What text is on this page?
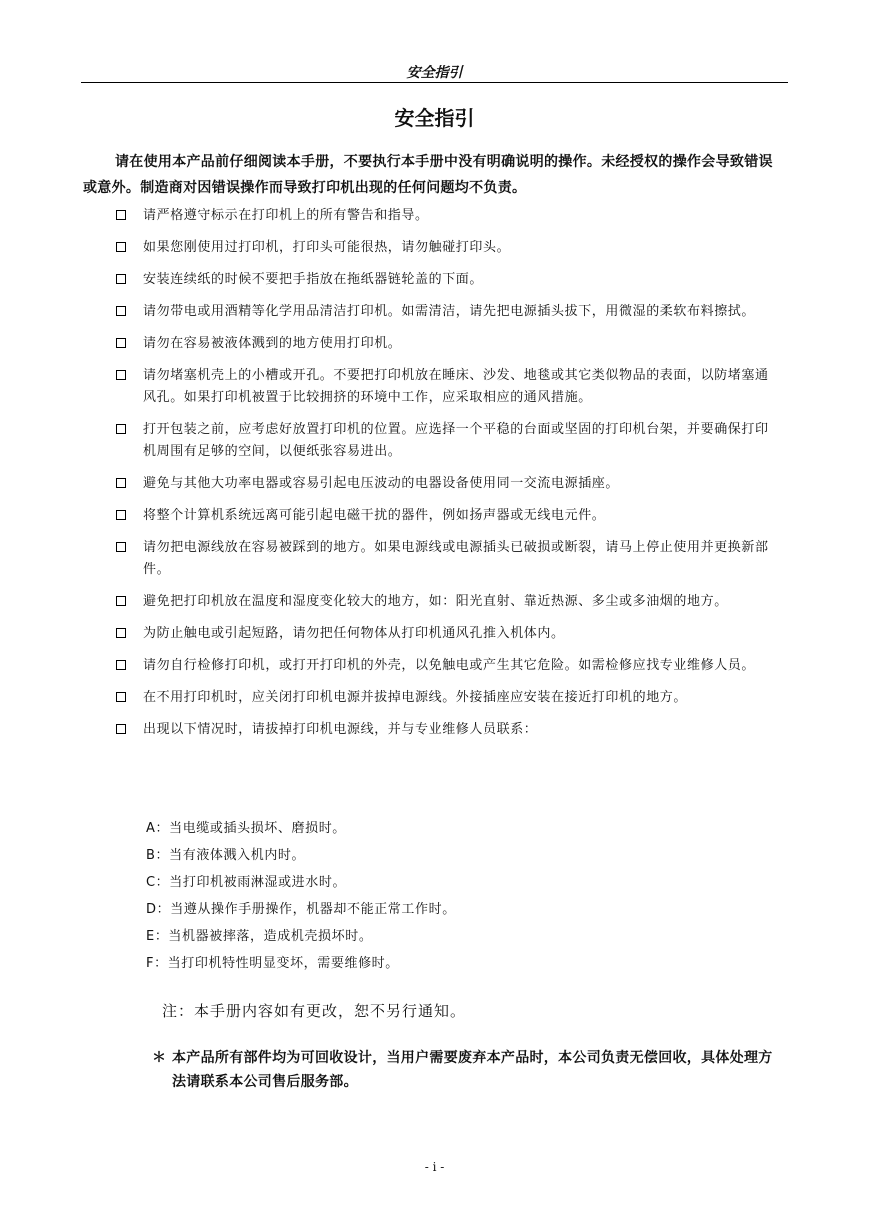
安全指引
安全指引
请在使用本产品前仔细阅读本手册，不要执行本手册中没有明确说明的操作。未经授权的操作会导致错误或意外。制造商对因错误操作而导致打印机出现的任何问题均不负责。
请严格遵守标示在打印机上的所有警告和指导。
如果您刚使用过打印机，打印头可能很热，请勿触碰打印头。
安装连续纸的时候不要把手指放在拖纸器链轮盖的下面。
请勿带电或用酒精等化学用品清洁打印机。如需清洁，请先把电源插头拔下，用微湿的柔软布料擦拭。
请勿在容易被液体溅到的地方使用打印机。
请勿堵塞机壳上的小槽或开孔。不要把打印机放在睡床、沙发、地毯或其它类似物品的表面，以防堵塞通风孔。如果打印机被置于比较拥挤的环境中工作，应采取相应的通风措施。
打开包装之前，应考虑好放置打印机的位置。应选择一个平稳的台面或坚固的打印机台架，并要确保打印机周围有足够的空间，以便纸张容易进出。
避免与其他大功率电器或容易引起电压波动的电器设备使用同一交流电源插座。
将整个计算机系统远离可能引起电磁干扰的器件，例如扬声器或无线电元件。
请勿把电源线放在容易被踩到的地方。如果电源线或电源插头已破损或断裂，请马上停止使用并更换新部件。
避免把打印机放在温度和湿度变化较大的地方，如：阳光直射、靠近热源、多尘或多油烟的地方。
为防止触电或引起短路，请勿把任何物体从打印机通风孔推入机体内。
请勿自行检修打印机，或打开打印机的外壳，以免触电或产生其它危险。如需检修应找专业维修人员。
在不用打印机时，应关闭打印机电源并拔掉电源线。外接插座应安装在接近打印机的地方。
出现以下情况时，请拔掉打印机电源线，并与专业维修人员联系：
A：当电缆或插头损坏、磨损时。
B：当有液体溅入机内时。
C：当打印机被雨淋湿或进水时。
D：当遵从操作手册操作，机器却不能正常工作时。
E：当机器被摔落，造成机壳损坏时。
F：当打印机特性明显变坏，需要维修时。
注：本手册内容如有更改，恕不另行通知。
＊ 本产品所有部件均为可回收设计，当用户需要废弃本产品时，本公司负责无偿回收，具体处理方法请联系本公司售后服务部。
- i -
